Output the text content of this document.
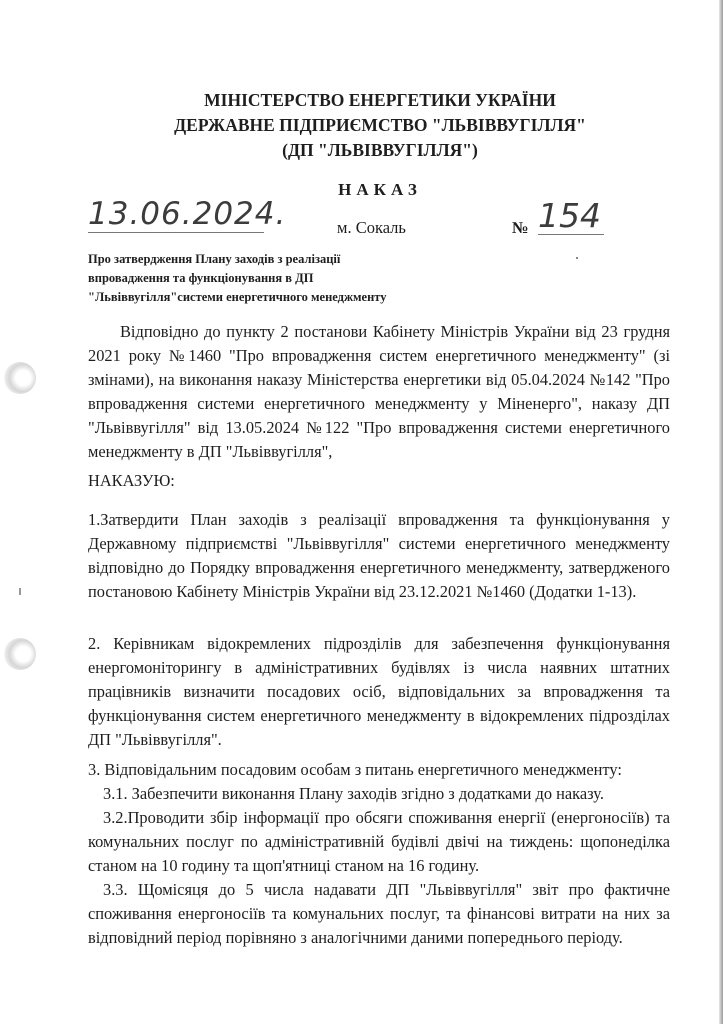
МІНІСТЕРСТВО ЕНЕРГЕТИКИ УКРАЇНИ
ДЕРЖАВНЕ ПІДПРИЄМСТВО "ЛЬВІВВУГІЛЛЯ"
(ДП "ЛЬВІВВУГІЛЛЯ")
НАКАЗ
13.06.2024.	м. Сокаль	№ 154
Про затвердження Плану заходів з реалізації
впровадження та функціонування в ДП
"Львіввугілля"системи енергетичного менеджменту
Відповідно до пункту 2 постанови Кабінету Міністрів України від 23 грудня 2021 року №1460 "Про впровадження систем енергетичного менеджменту" (зі змінами), на виконання наказу Міністерства енергетики від 05.04.2024 №142 "Про впровадження системи енергетичного менеджменту у Міненерго", наказу ДП "Львіввугілля" від 13.05.2024 №122 "Про впровадження системи енергетичного менеджменту в ДП "Львіввугілля",
НАКАЗУЮ:
1.Затвердити План заходів з реалізації впровадження та функціонування у Державному підприємстві "Львіввугілля" системи енергетичного менеджменту відповідно до Порядку впровадження енергетичного менеджменту, затвердженого постановою Кабінету Міністрів України від 23.12.2021 №1460 (Додатки 1-13).
2. Керівникам відокремлених підрозділів для забезпечення функціонування енергомоніторингу в адміністративних будівлях із числа наявних штатних працівників визначити посадових осіб, відповідальних за впровадження та функціонування систем енергетичного менеджменту в відокремлених підрозділах ДП "Львіввугілля".

3. Відповідальним посадовим особам з питань енергетичного менеджменту:

3.1. Забезпечити виконання Плану заходів згідно з додатками до наказу.

3.2.Проводити збір інформації про обсяги споживання енергії (енергоносіїв) та комунальних послуг по адміністративній будівлі двічі на тиждень: щопонеділка станом на 10 годину та щоп'ятниці станом на 16 годину.

3.3. Щомісяця до 5 числа надавати ДП "Львіввугілля" звіт про фактичне споживання енергоносіїв та комунальних послуг, та фінансові витрати на них за відповідний період порівняно з аналогічними даними попереднього періоду.
